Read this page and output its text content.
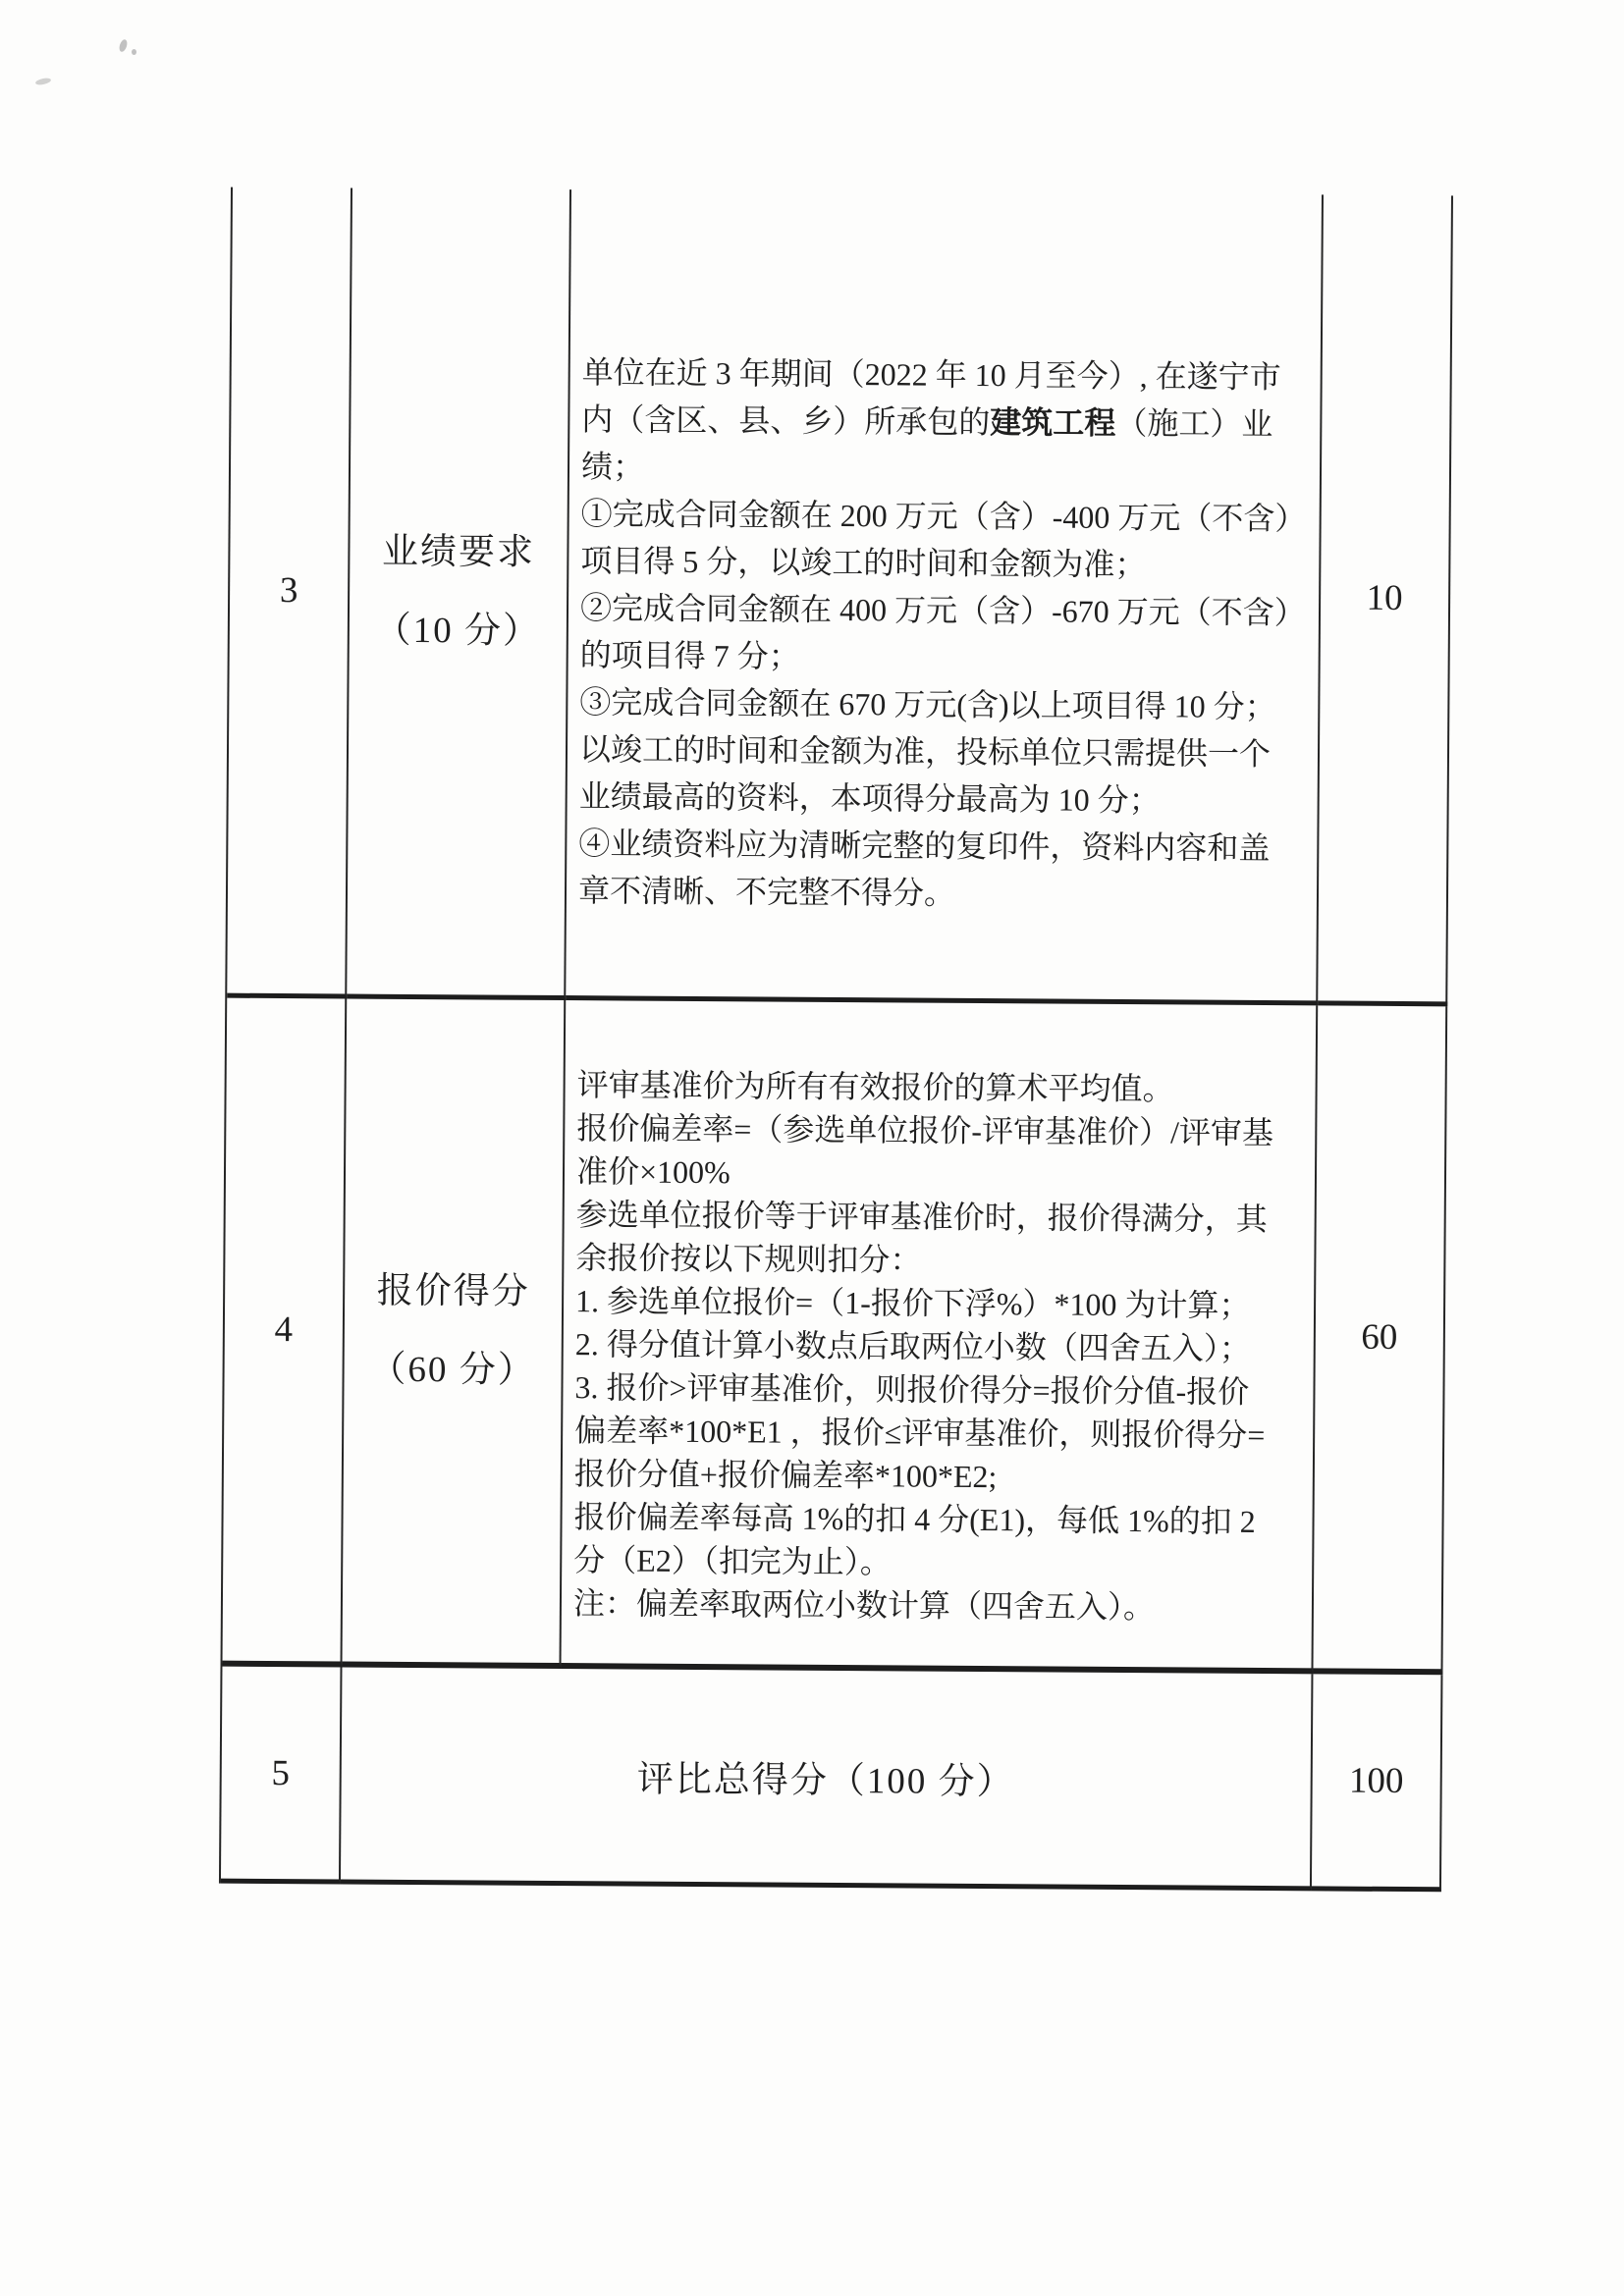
3
业绩要求
（10 分）
单位在近 3 年期间（2022 年 10 月至今）, 在遂宁市
内（含区、县、乡）所承包的建筑工程（施工）业
绩；
①完成合同金额在 200 万元（含）-400 万元（不含）
项目得 5 分，以竣工的时间和金额为准；
②完成合同金额在 400 万元（含）-670 万元（不含）
的项目得 7 分；
③完成合同金额在 670 万元(含)以上项目得 10 分；
以竣工的时间和金额为准，投标单位只需提供一个
业绩最高的资料，本项得分最高为 10 分；
④业绩资料应为清晰完整的复印件，资料内容和盖
章不清晰、不完整不得分。
10
4
报价得分
（60 分）
评审基准价为所有有效报价的算术平均值。
报价偏差率=（参选单位报价-评审基准价）/评审基
准价×100%
参选单位报价等于评审基准价时，报价得满分，其
余报价按以下规则扣分：
1. 参选单位报价=（1-报价下浮%）*100 为计算；
2. 得分值计算小数点后取两位小数（四舍五入）；
3. 报价>评审基准价，则报价得分=报价分值-报价
偏差率*100*E1 ，报价≤评审基准价，则报价得分=
报价分值+报价偏差率*100*E2;
报价偏差率每高 1%的扣 4 分(E1)，每低 1%的扣 2
分（E2）（扣完为止）。
注：偏差率取两位小数计算（四舍五入）。
60
5	评比总得分（100 分）	100
